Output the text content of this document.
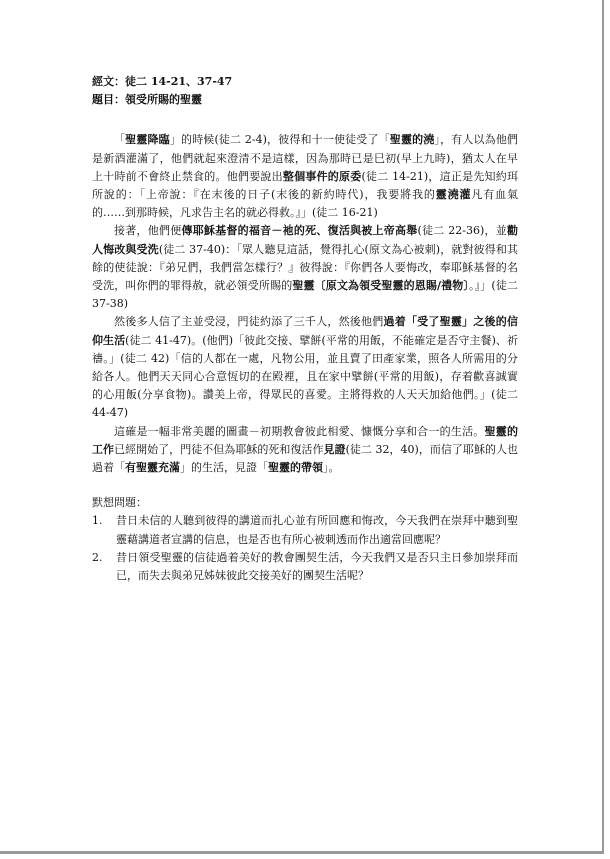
經文：徒二 14-21、37-47

題目：領受所賜的聖靈

「聖靈降臨」的時候(徒二 2-4)，彼得和十一使徒受了「聖靈的澆」，有人以為他們是新酒灌滿了，他們就起來澄清不是這樣，因為那時已是巳初(早上九時)，猶太人在早上十時前不會終止禁食的。他們要說出整個事件的原委(徒二 14-21)，這正是先知約珥所說的：「上帝說：『在末後的日子(末後的新約時代)，我要將我的靈澆灌凡有血氣的……到那時候，凡求告主名的就必得救。』」(徒二 16-21)

接著，他們便傳耶穌基督的福音－祂的死、復活與被上帝高舉(徒二 22-36)，並勸人悔改與受洗(徒二 37-40)：「眾人聽見這話，覺得扎心(原文為心被刺)，就對彼得和其餘的使徒說：『弟兄們，我們當怎樣行？』彼得說：『你們各人要悔改，奉耶穌基督的名受洗，叫你們的罪得赦，就必領受所賜的聖靈〔原文為領受聖靈的恩賜/禮物〕。』」(徒二 37-38)

然後多人信了主並受浸，門徒約添了三千人，然後他們過着「受了聖靈」之後的信仰生活(徒二 41-47)。(他們)「彼此交接、擘餅(平常的用飯，不能確定是否守主餐)、祈禱。」(徒二 42)「信的人都在一處，凡物公用，並且賣了田產家業，照各人所需用的分給各人。他們天天同心合意恆切的在殿裡，且在家中擘餅(平常的用飯)，存着歡喜誠實的心用飯(分享食物)。讚美上帝，得眾民的喜愛。主將得救的人天天加給他們。」(徒二 44-47)

這確是一幅非常美麗的圖畫－初期教會彼此相愛、慷慨分享和合一的生活。聖靈的工作已經開始了，門徒不但為耶穌的死和復活作見證(徒二 32，40)，而信了耶穌的人也過着「有聖靈充滿」的生活，見證「聖靈的帶領」。

默想問題：

1. 昔日未信的人聽到彼得的講道而扎心並有所回應和悔改，今天我們在崇拜中聽到聖靈藉講道者宣講的信息，也是否也有所心被刺透而作出適當回應呢？
2. 昔日領受聖靈的信徒過着美好的教會團契生活，今天我們又是否只主日參加崇拜而已，而失去與弟兄姊妹彼此交接美好的團契生活呢？
